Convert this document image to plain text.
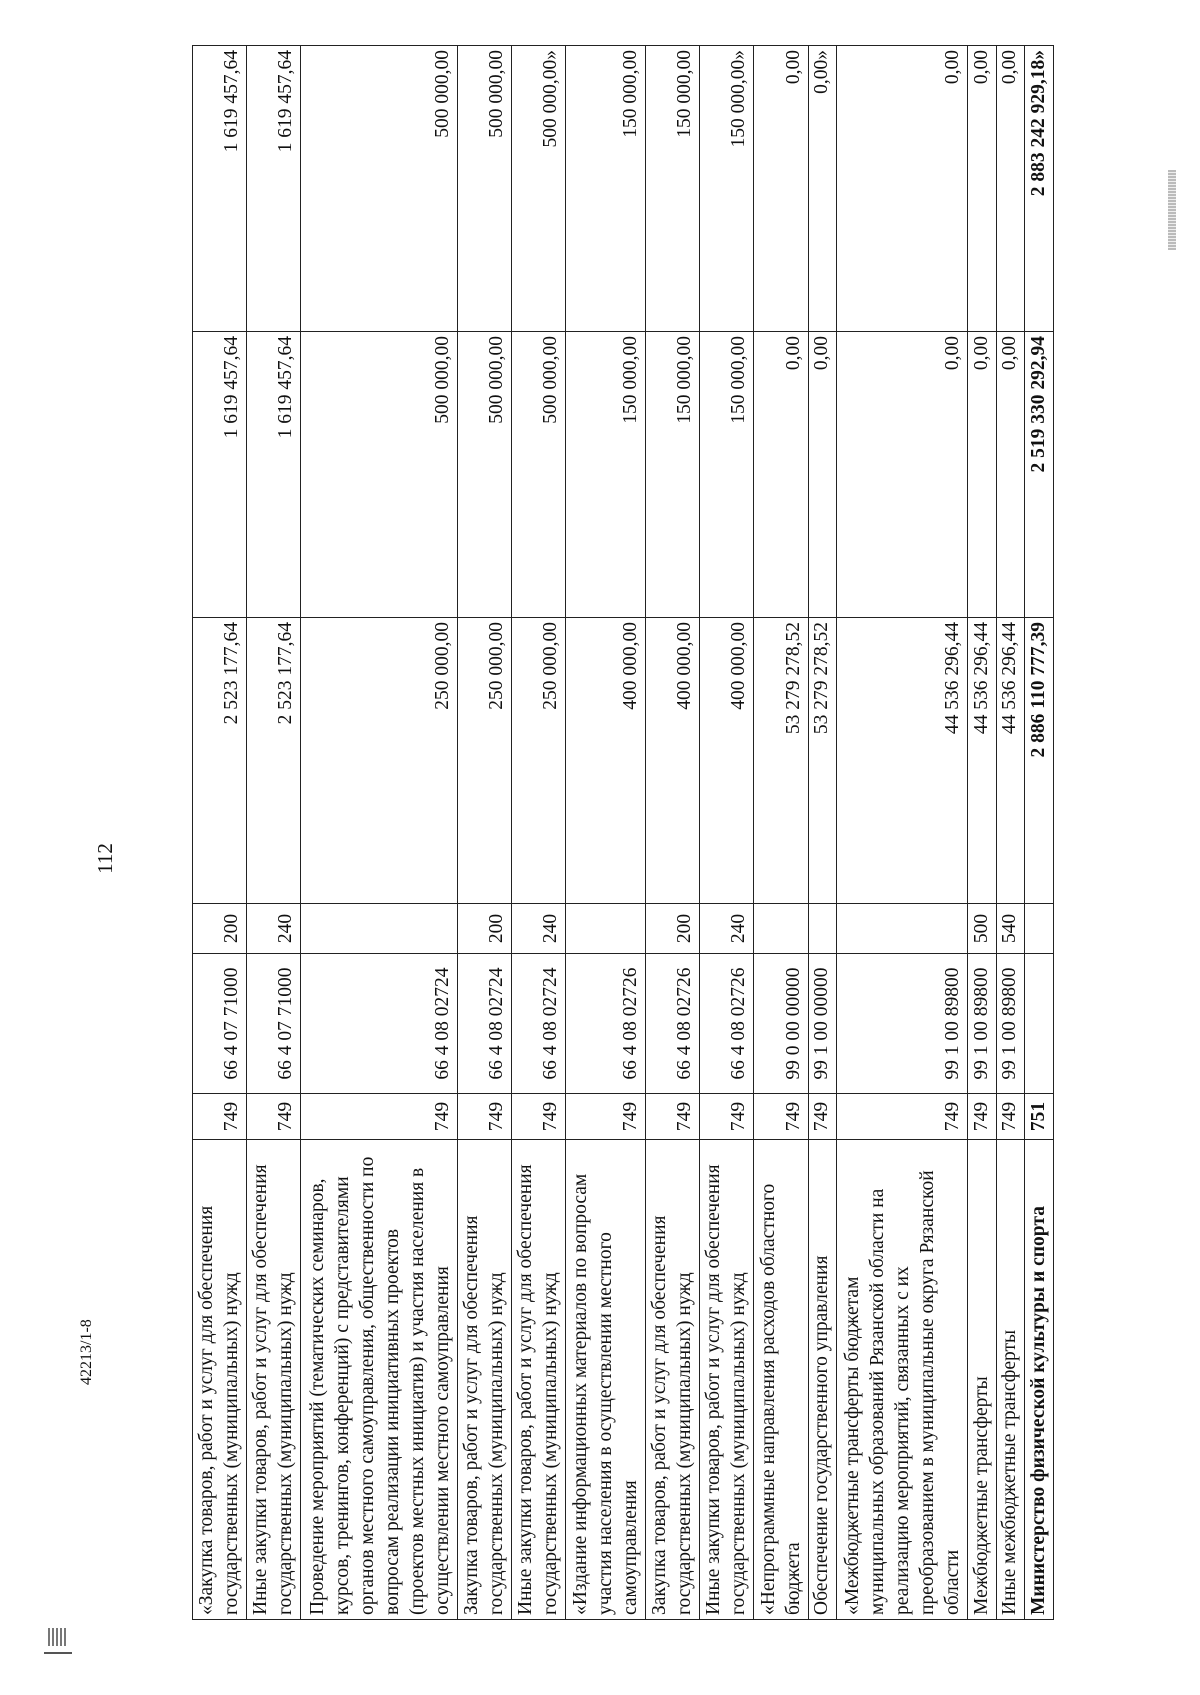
112
42213/1-8	«Закупка товаров, работ и услуг для обеспечения государственных (муниципальных) нужд	749	66 4 07 71000	200	2 523 177,64	1 619 457,64	1 619 457,64
Иные закупки товаров, работ и услуг для обеспечения государственных (муниципальных) нужд	749	66 4 07 71000	240	2 523 177,64	1 619 457,64	1 619 457,64
Проведение мероприятий (тематических семинаров, курсов, тренингов, конференций) с представителями органов местного самоуправления, общественности по вопросам реализации инициативных проектов (проектов местных инициатив) и участия населения в осуществлении местного самоуправления	749	66 4 08 02724		250 000,00	500 000,00	500 000,00
Закупка товаров, работ и услуг для обеспечения государственных (муниципальных) нужд	749	66 4 08 02724	200	250 000,00	500 000,00	500 000,00
Иные закупки товаров, работ и услуг для обеспечения государственных (муниципальных) нужд	749	66 4 08 02724	240	250 000,00	500 000,00	500 000,00»
«Издание информационных материалов по вопросам участия населения в осуществлении местного самоуправления	749	66 4 08 02726		400 000,00	150 000,00	150 000,00
Закупка товаров, работ и услуг для обеспечения государственных (муниципальных) нужд	749	66 4 08 02726	200	400 000,00	150 000,00	150 000,00
Иные закупки товаров, работ и услуг для обеспечения государственных (муниципальных) нужд	749	66 4 08 02726	240	400 000,00	150 000,00	150 000,00»
«Непрограммные направления расходов областного бюджета	749	99 0 00 00000		53 279 278,52	0,00	0,00
Обеспечение государственного управления	749	99 1 00 00000		53 279 278,52	0,00	0,00»
«Межбюджетные трансферты бюджетам муниципальных образований Рязанской области на реализацию мероприятий, связанных с их преобразованием в муниципальные округа Рязанской области	749	99 1 00 89800		44 536 296,44	0,00	0,00
Межбюджетные трансферты	749	99 1 00 89800	500	44 536 296,44	0,00	0,00
Иные межбюджетные трансферты	749	99 1 00 89800	540	44 536 296,44	0,00	0,00
Министерство физической культуры и спорта	751			2 886 110 777,39	2 519 330 292,94	2 883 242 929,18»
